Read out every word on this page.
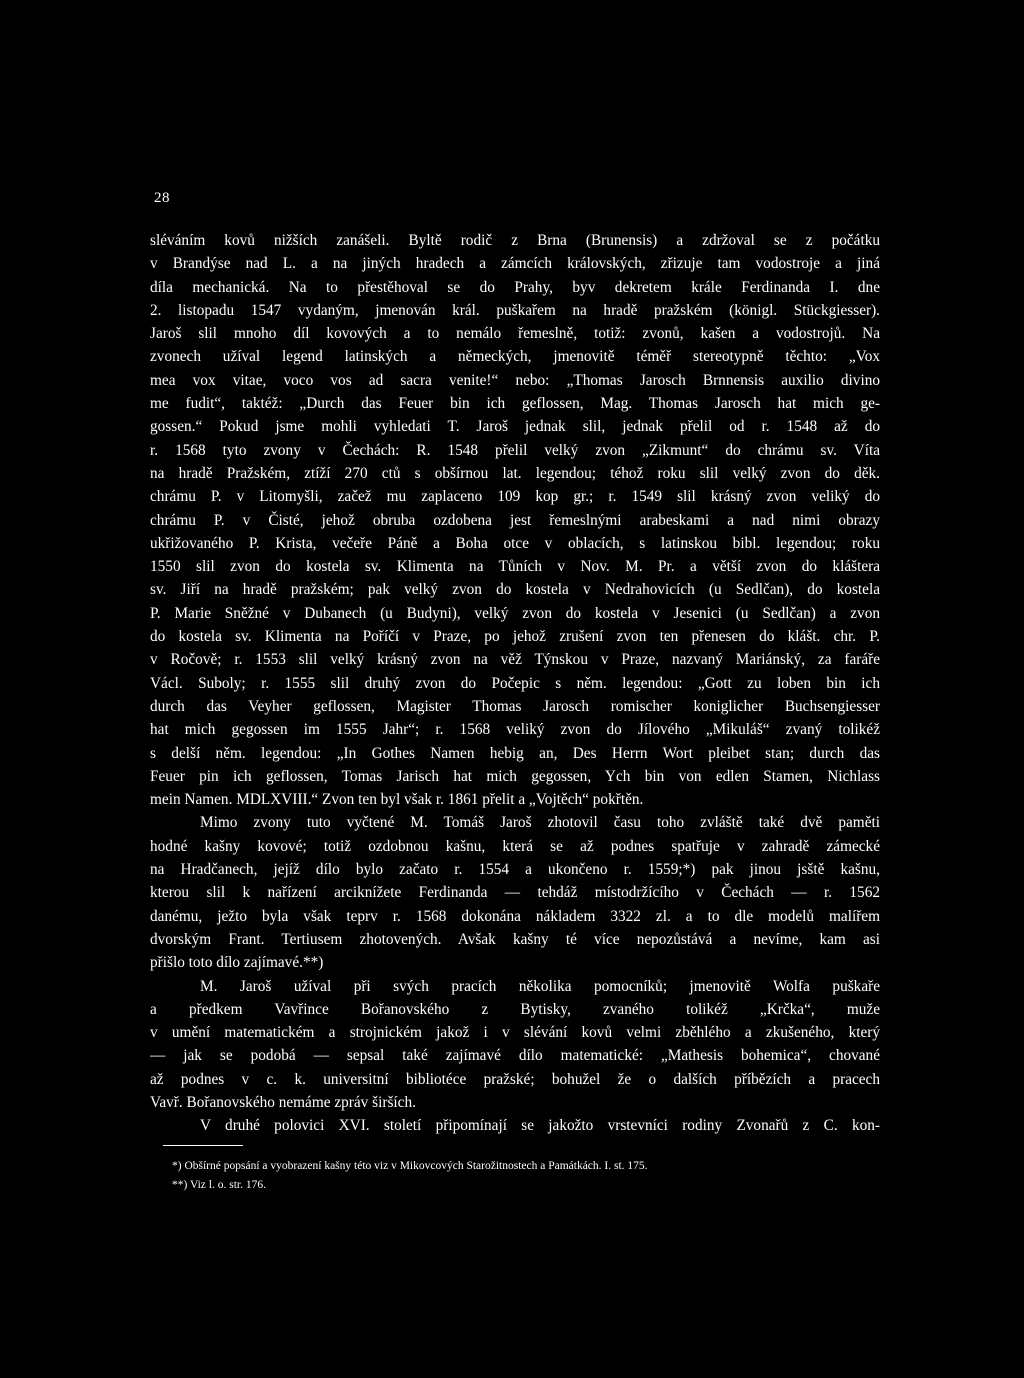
28
sléváním kovů nižších zanášeli. Byltě rodič z Brna (Brunensis) a zdržoval se z počátku
v Brandýse nad L. a na jiných hradech a zámcích královských, zřizuje tam vodostroje a jiná
díla mechanická. Na to přestěhoval se do Prahy, byv dekretem krále Ferdinanda I. dne
2. listopadu 1547 vydaným, jmenován král. puškařem na hradě pražském (königl. Stückgiesser).
Jaroš slil mnoho díl kovových a to nemálo řemeslně, totiž: zvonů, kašen a vodostrojů. Na
zvonech užíval legend latinských a německých, jmenovitě téměř stereotypně těchto: „Vox
mea vox vitae, voco vos ad sacra venite!“ nebo: „Thomas Jarosch Brnnensis auxilio divino
me fudit“, taktéž: „Durch das Feuer bin ich geflossen, Mag. Thomas Jarosch hat mich ge-
gossen.“ Pokud jsme mohli vyhledati T. Jaroš jednak slil, jednak přelil od r. 1548 až do
r. 1568 tyto zvony v Čechách: R. 1548 přelil velký zvon „Zikmunt“ do chrámu sv. Víta
na hradě Pražském, ztíží 270 ctů s obšírnou lat. legendou; téhož roku slil velký zvon do děk.
chrámu P. v Litomyšli, začež mu zaplaceno 109 kop gr.; r. 1549 slil krásný zvon veliký do
chrámu P. v Čisté, jehož obruba ozdobena jest řemeslnými arabeskami a nad nimi obrazy
ukřižovaného P. Krista, večeře Páně a Boha otce v oblacích, s latinskou bibl. legendou; roku
1550 slil zvon do kostela sv. Klimenta na Tůních v Nov. M. Pr. a větší zvon do kláštera
sv. Jiří na hradě pražském; pak velký zvon do kostela v Nedrahovicích (u Sedlčan), do kostela
P. Marie Sněžné v Dubanech (u Budyni), velký zvon do kostela v Jesenici (u Sedlčan) a zvon
do kostela sv. Klimenta na Poříčí v Praze, po jehož zrušení zvon ten přenesen do klášt. chr. P.
v Ročově; r. 1553 slil velký krásný zvon na věž Týnskou v Praze, nazvaný Mariánský, za faráře
Václ. Suboly; r. 1555 slil druhý zvon do Počepic s něm. legendou: „Gott zu loben bin ich
durch das Veyher geflossen, Magister Thomas Jarosch romischer koniglicher Buchsengiesser
hat mich gegossen im 1555 Jahr“; r. 1568 veliký zvon do Jílového „Mikuláš“ zvaný tolikéž
s delší něm. legendou: „In Gothes Namen hebig an, Des Herrn Wort pleibet stan; durch das
Feuer pin ich geflossen, Tomas Jarisch hat mich gegossen, Ych bin von edlen Stamen, Nichlass
mein Namen. MDLXVIII.“ Zvon ten byl však r. 1861 přelit a „Vojtěch“ pokřtěn.
Mimo zvony tuto vyčtené M. Tomáš Jaroš zhotovil času toho zvláště také dvě paměti
hodné kašny kovové; totiž ozdobnou kašnu, která se až podnes spatřuje v zahradě zámecké
na Hradčanech, jejíž dílo bylo začato r. 1554 a ukončeno r. 1559;*) pak jinou jsště kašnu,
kterou slil k nařízení arciknížete Ferdinanda — tehdáž místodržícího v Čechách — r. 1562
danému, ježto byla však teprv r. 1568 dokonána nákladem 3322 zl. a to dle modelů malířem
dvorským Frant. Tertiusem zhotovených. Avšak kašny té více nepozůstává a nevíme, kam asi
přišlo toto dílo zajímavé.**)
M. Jaroš užíval při svých pracích několika pomocníků; jmenovitě Wolfa puškaře
a předkem Vavřince Bořanovského z Bytisky, zvaného tolikéž „Krčka“, muže
v umění matematickém a strojnickém jakož i v slévání kovů velmi zběhlého a zkušeného, který
— jak se podobá — sepsal také zajímavé dílo matematické: „Mathesis bohemica“, chované
až podnes v c. k. universitní bibliotéce pražské; bohužel že o dalších příbězích a pracech
Vavř. Bořanovského nemáme zpráv širších.
V druhé polovici XVI. století připomínají se jakožto vrstevníci rodiny Zvonařů z C. kon-
*) Obšírné popsání a vyobrazení kašny této viz v Mikovcových Starožitnostech a Památkách. I. st. 175.
**) Viz l. o. str. 176.
